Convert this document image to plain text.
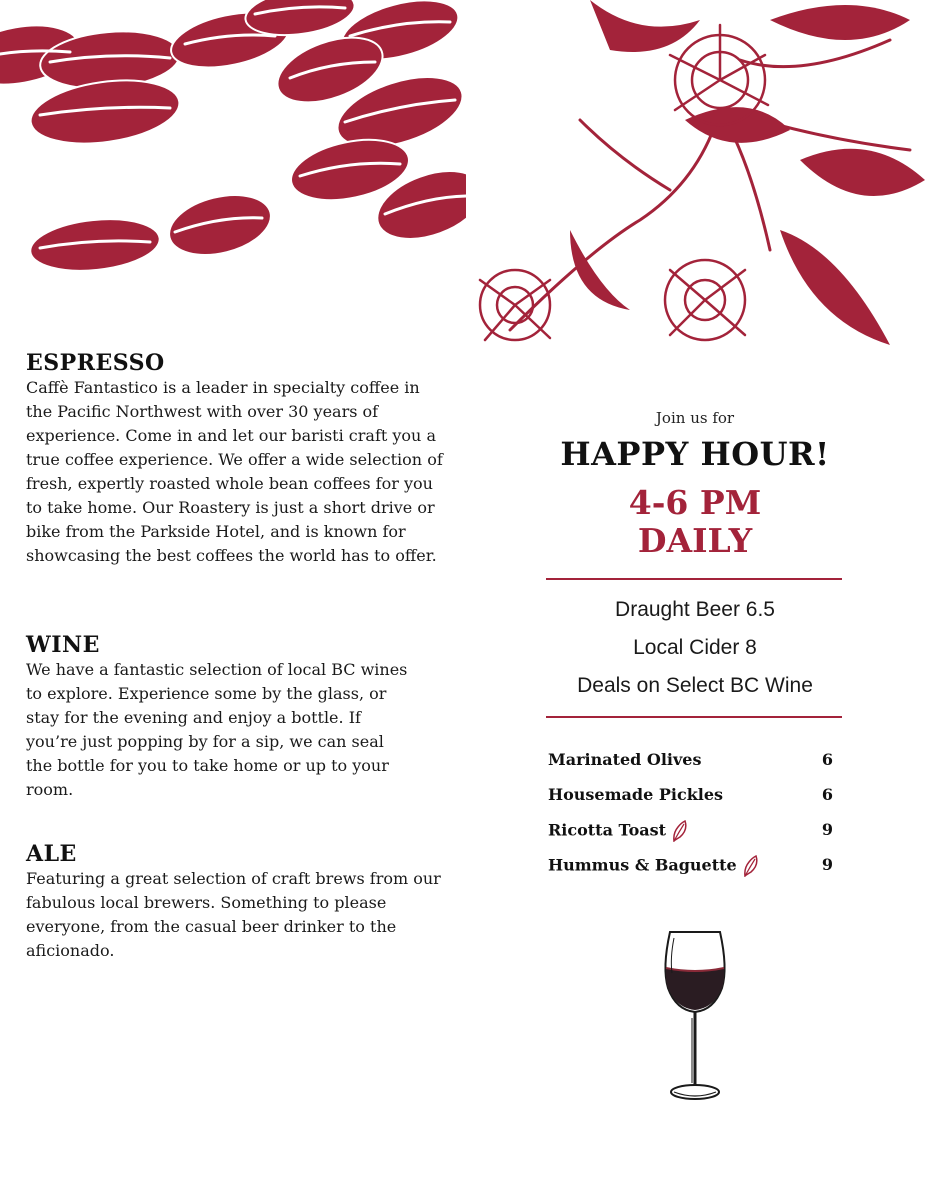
ESPRESSO

Caffè Fantastico is a leader in specialty coffee in the Pacific Northwest with over 30 years of experience. Come in and let our baristi craft you a true coffee experience. We offer a wide selection of fresh, expertly roasted whole bean coffees for you to take home. Our Roastery is just a short drive or bike from the Parkside Hotel, and is known for showcasing the best coffees the world has to offer.

WINE

We have a fantastic selection of local BC wines to explore. Experience some by the glass, or stay for the evening and enjoy a bottle. If you’re just popping by for a sip, we can seal the bottle for you to take home or up to your room.

ALE

Featuring a great selection of craft brews from our fabulous local brewers. Something to please everyone, from the casual beer drinker to the aficionado.

Join us for
HAPPY HOUR!
4-6 PM
DAILY
Draught Beer 6.5
Local Cider 8
Deals on Select BC Wine
Marinated Olives	6
Housemade Pickles	6
Ricotta Toast	9
Hummus & Baguette	9
